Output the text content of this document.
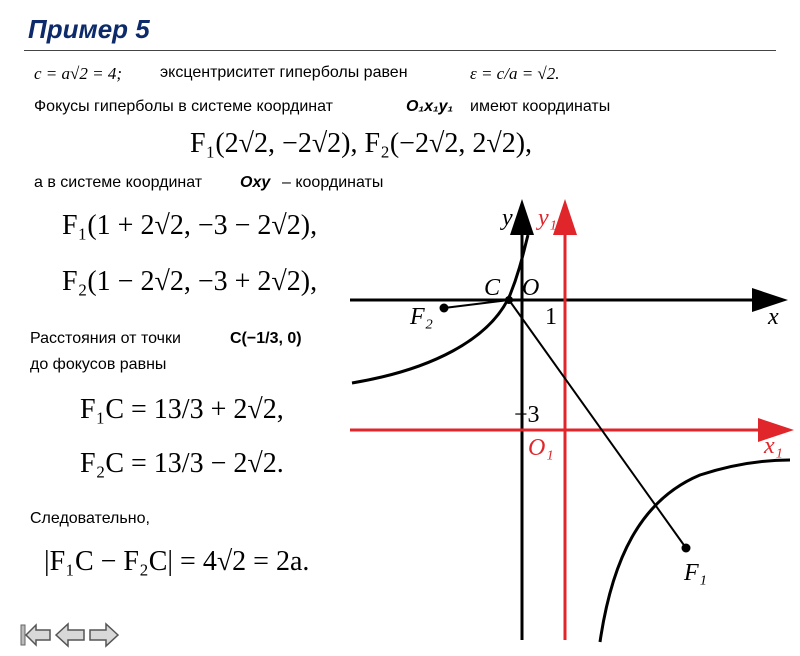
Пример 5
c = a√2 = 4; эксцентриситет гиперболы равен	ε = c/a = √2.
Фокусы гиперболы в системе координат	O₁x₁y₁ имеют координаты
F₁(2√2, −2√2), F₂(−2√2, 2√2),
а в системе координат Oxy – координаты
F₁(1 + 2√2, −3 − 2√2),
F₂(1 − 2√2, −3 + 2√2),
Расстояния от точки	C(−1/3, 0)
до фокусов равны
F₁C = 13/3 + 2√2,
F₂C = 13/3 − 2√2.
Следовательно,
|F₁C − F₂C| = 4√2 = 2a.
y y₁
x
x₁
C O
1
−3
O₁
F₁
F₂
